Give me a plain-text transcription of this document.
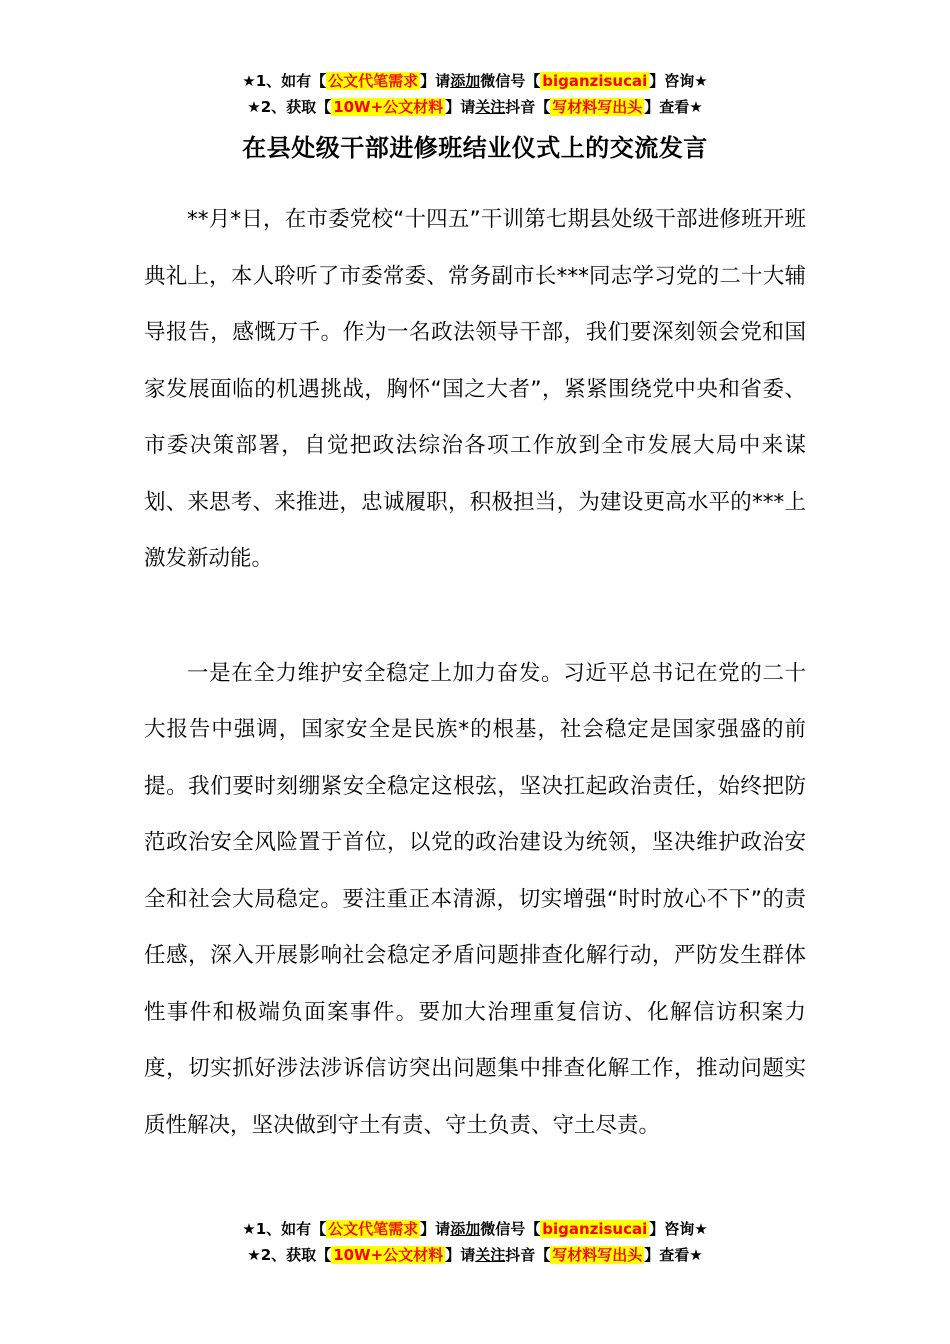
★1、如有【 公文代笔需求 】请添加微信号【 biganzisucai 】咨询★
★2、获取【 10W+公文材料 】请关注抖音【 写材料写出头 】查看★
在县处级干部进修班结业仪式上的交流发言

**月*日，在市委党校“十四五”干训第七期县处级干部进修班开班典礼上，本人聆听了市委常委、常务副市长***同志学习党的二十大辅导报告，感慨万千。作为一名政法领导干部，我们要深刻领会党和国家发展面临的机遇挑战，胸怀“国之大者”，紧紧围绕党中央和省委、市委决策部署，自觉把政法综治各项工作放到全市发展大局中来谋划、来思考、来推进，忠诚履职，积极担当，为建设更高水平的***上激发新动能。

一是在全力维护安全稳定上加力奋发。习近平总书记在党的二十大报告中强调，国家安全是民族*的根基，社会稳定是国家强盛的前提。我们要时刻绷紧安全稳定这根弦，坚决扛起政治责任，始终把防范政治安全风险置于首位，以党的政治建设为统领，坚决维护政治安全和社会大局稳定。要注重正本清源，切实增强“时时放心不下”的责任感，深入开展影响社会稳定矛盾问题排查化解行动，严防发生群体性事件和极端负面案事件。要加大治理重复信访、化解信访积案力度，切实抓好涉法涉诉信访突出问题集中排查化解工作，推动问题实质性解决，坚决做到守土有责、守土负责、守土尽责。

★1、如有【 公文代笔需求 】请添加微信号【 biganzisucai 】咨询★
★2、获取【 10W+公文材料 】请关注抖音【 写材料写出头 】查看★
